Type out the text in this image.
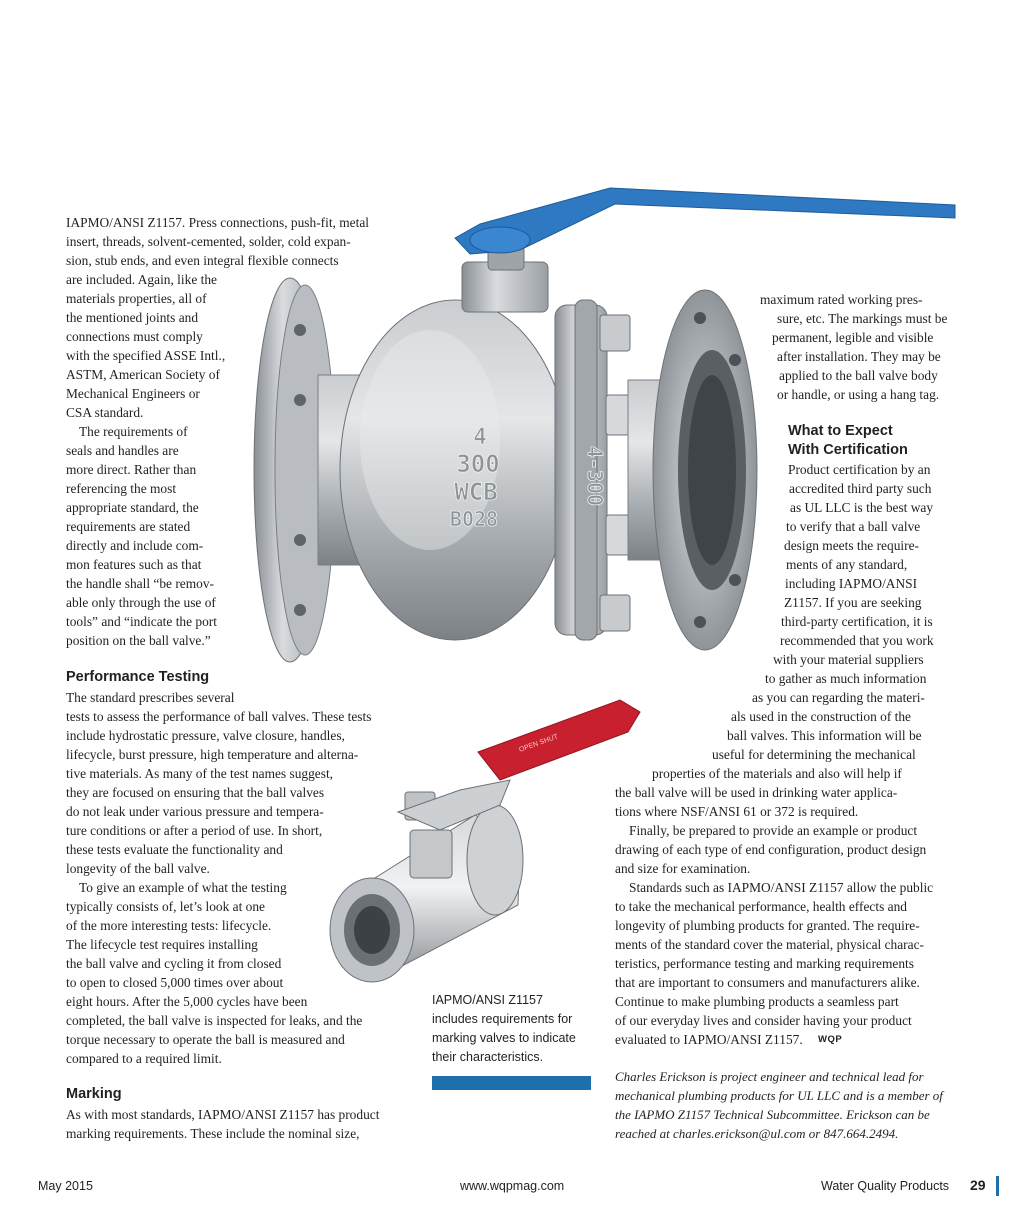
4
300
WCB
B028
4-300
OPEN SHUT
IAPMO/ANSI Z1157. Press connections, push-fit, metal
insert, threads, solvent-cemented, solder, cold expan-
sion, stub ends, and even integral flexible connects
are included. Again, like the
materials properties, all of
the mentioned joints and
connections must comply
with the specified ASSE Intl.,
ASTM, American Society of
Mechanical Engineers or
CSA standard.
The requirements of
seals and handles are
more direct. Rather than
referencing the most
appropriate standard, the
requirements are stated
directly and include com-
mon features such as that
the handle shall “be remov-
able only through the use of
tools” and “indicate the port
position on the ball valve.”
Performance Testing
The standard prescribes several
tests to assess the performance of ball valves. These tests
include hydrostatic pressure, valve closure, handles,
lifecycle, burst pressure, high temperature and alterna-
tive materials. As many of the test names suggest,
they are focused on ensuring that the ball valves
do not leak under various pressure and tempera-
ture conditions or after a period of use. In short,
these tests evaluate the functionality and
longevity of the ball valve.
To give an example of what the testing
typically consists of, let’s look at one
of the more interesting tests: lifecycle.
The lifecycle test requires installing
the ball valve and cycling it from closed
to open to closed 5,000 times over about
eight hours. After the 5,000 cycles have been
completed, the ball valve is inspected for leaks, and the
torque necessary to operate the ball is measured and
compared to a required limit.
Marking
As with most standards, IAPMO/ANSI Z1157 has product
marking requirements. These include the nominal size,
maximum rated working pres-
sure, etc. The markings must be
permanent, legible and visible
after installation. They may be
applied to the ball valve body
or handle, or using a hang tag.
What to Expect
With Certification
Product certification by an
accredited third party such
as UL LLC is the best way
to verify that a ball valve
design meets the require-
ments of any standard,
including IAPMO/ANSI
Z1157. If you are seeking
third-party certification, it is
recommended that you work
with your material suppliers
to gather as much information
as you can regarding the materi-
als used in the construction of the
ball valves. This information will be
useful for determining the mechanical
properties of the materials and also will help if
the ball valve will be used in drinking water applica-
tions where NSF/ANSI 61 or 372 is required.
Finally, be prepared to provide an example or product
drawing of each type of end configuration, product design
and size for examination.
Standards such as IAPMO/ANSI Z1157 allow the public
to take the mechanical performance, health effects and
longevity of plumbing products for granted. The require-
ments of the standard cover the material, physical charac-
teristics, performance testing and marking requirements
that are important to consumers and manufacturers alike.
Continue to make plumbing products a seamless part
of our everyday lives and consider having your product
evaluated to IAPMO/ANSI Z1157. WQP
Charles Erickson is project engineer and technical lead for
mechanical plumbing products for UL LLC and is a member of
the IAPMO Z1157 Technical Subcommittee. Erickson can be
reached at charles.erickson@ul.com or 847.664.2494.
IAPMO/ANSI Z1157
includes requirements for
marking valves to indicate
their characteristics.
May 2015	www.wqpmag.com	Water Quality Products 29
